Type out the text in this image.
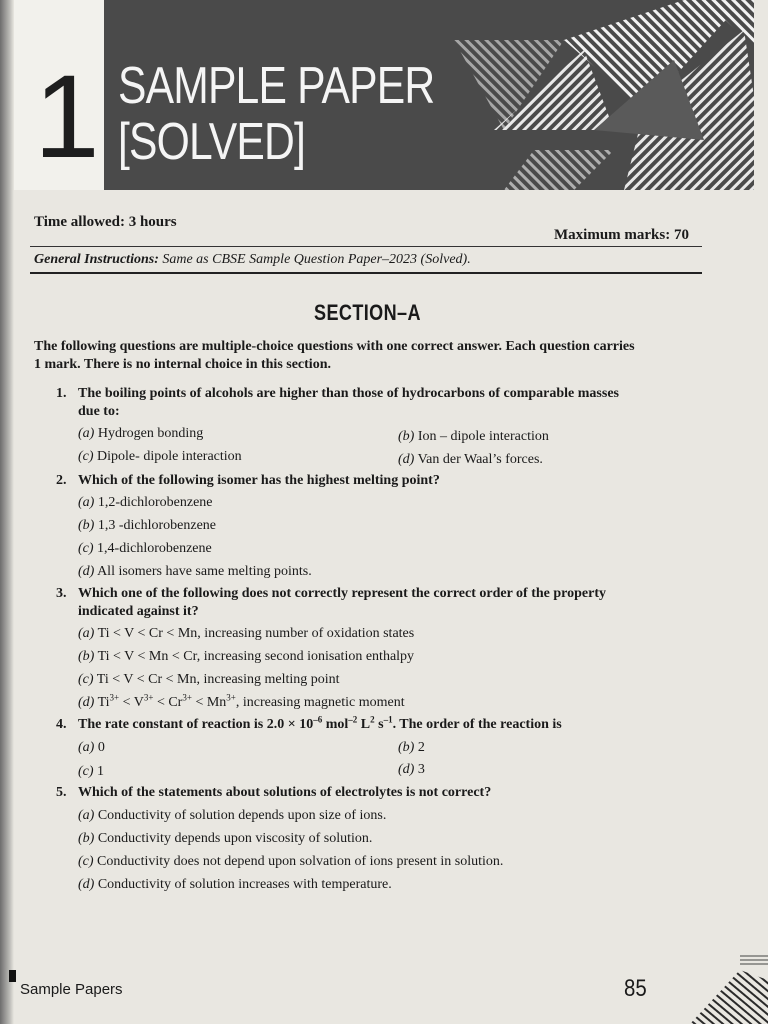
1 SAMPLE PAPER
[SOLVED]
Time allowed: 3 hours
Maximum marks: 70
General Instructions: Same as CBSE Sample Question Paper–2023 (Solved).
SECTION–A
The following questions are multiple-choice questions with one correct answer. Each question carries
1 mark. There is no internal choice in this section.
1. The boiling points of alcohols are higher than those of hydrocarbons of comparable masses
due to:
(a) Hydrogen bonding	(b) Ion – dipole interaction
(c) Dipole- dipole interaction	(d) Van der Waal’s forces.
2. Which of the following isomer has the highest melting point?
(a) 1,2-dichlorobenzene
(b) 1,3 -dichlorobenzene
(c) 1,4-dichlorobenzene
(d) All isomers have same melting points.
3. Which one of the following does not correctly represent the correct order of the property
indicated against it?
(a) Ti < V < Cr < Mn, increasing number of oxidation states
(b) Ti < V < Mn < Cr, increasing second ionisation enthalpy
(c) Ti < V < Cr < Mn, increasing melting point
(d) $Ti^{3+} < V^{3+} < Cr^{3+} < Mn^{3+}$, increasing magnetic moment
4. The rate constant of reaction is $2.0 \times 10^{-6}$ mol$^{-2}$ $L^2$ $s^{-1}$. The order of the reaction is
(a) 0	(b) 2
(c) 1	(d) 3
5. Which of the statements about solutions of electrolytes is not correct?
(a) Conductivity of solution depends upon size of ions.
(b) Conductivity depends upon viscosity of solution.
(c) Conductivity does not depend upon solvation of ions present in solution.
(d) Conductivity of solution increases with temperature.
Sample Papers	85
